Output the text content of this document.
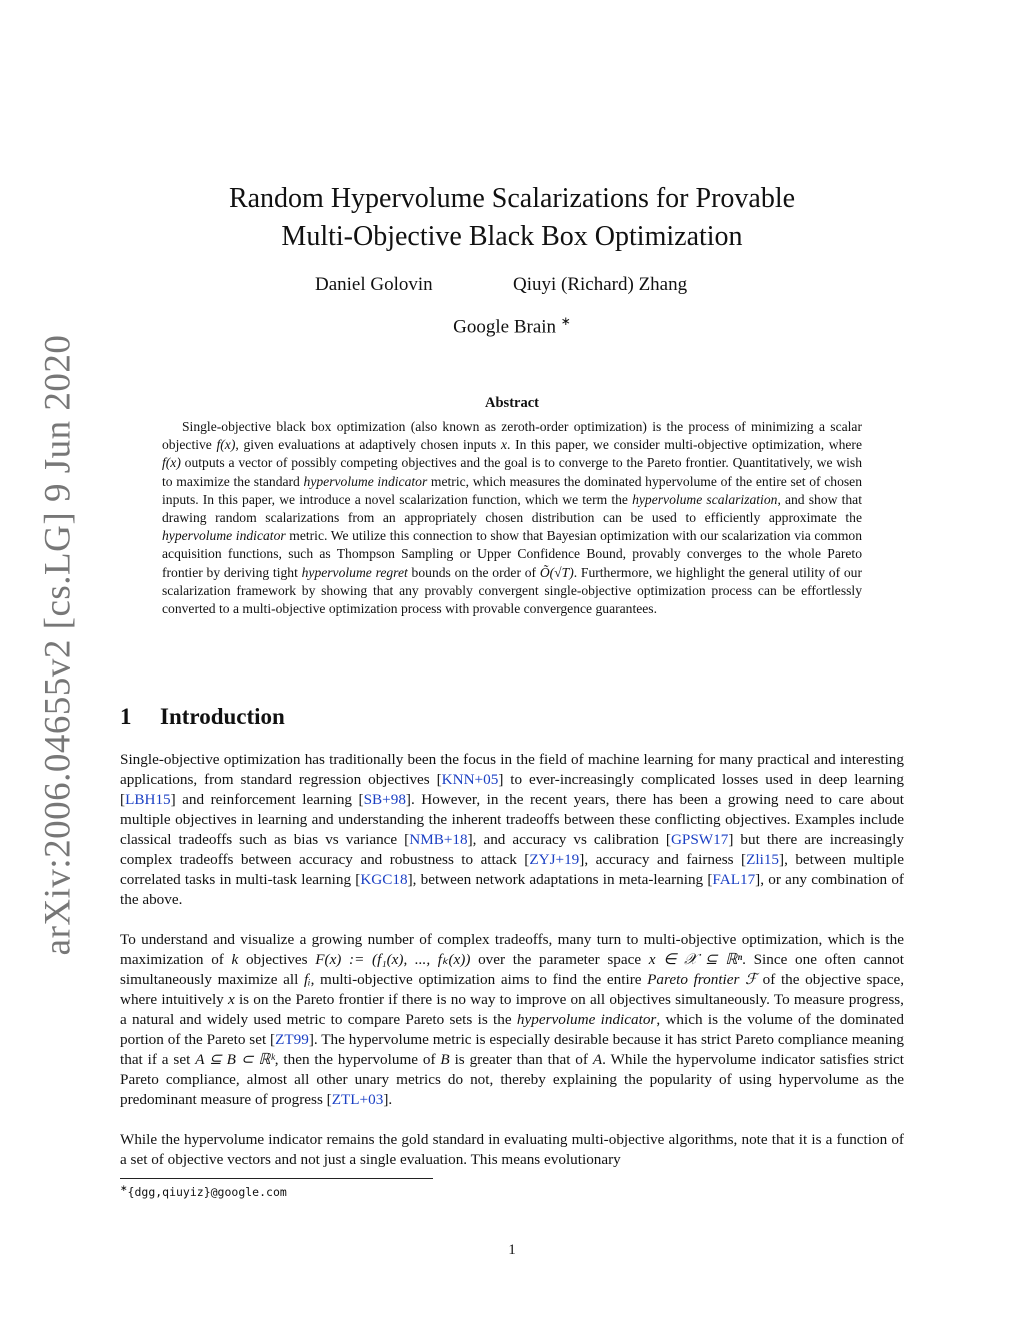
arXiv:2006.04655v2 [cs.LG] 9 Jun 2020
Random Hypervolume Scalarizations for Provable
Multi-Objective Black Box Optimization
Daniel Golovin	Qiuyi (Richard) Zhang
Google Brain ∗
Abstract

Single-objective black box optimization (also known as zeroth-order optimization) is the process of minimizing a scalar objective f(x), given evaluations at adaptively chosen inputs x. In this paper, we consider multi-objective optimization, where f(x) outputs a vector of possibly competing objectives and the goal is to converge to the Pareto frontier. Quantitatively, we wish to maximize the standard hypervolume indicator metric, which measures the dominated hypervolume of the entire set of chosen inputs. In this paper, we introduce a novel scalarization function, which we term the hypervolume scalarization, and show that drawing random scalarizations from an appropriately chosen distribution can be used to efficiently approximate the hypervolume indicator metric. We utilize this connection to show that Bayesian optimization with our scalarization via common acquisition functions, such as Thompson Sampling or Upper Confidence Bound, provably converges to the whole Pareto frontier by deriving tight hypervolume regret bounds on the order of Õ(√T). Furthermore, we highlight the general utility of our scalarization framework by showing that any provably convergent single-objective optimization process can be effortlessly converted to a multi-objective optimization process with provable convergence guarantees.

1 Introduction

Single-objective optimization has traditionally been the focus in the field of machine learning for many practical and interesting applications, from standard regression objectives [KNN+05] to ever-increasingly complicated losses used in deep learning [LBH15] and reinforcement learning [SB+98]. However, in the recent years, there has been a growing need to care about multiple objectives in learning and understanding the inherent tradeoffs between these conflicting objectives. Examples include classical tradeoffs such as bias vs variance [NMB+18], and accuracy vs calibration [GPSW17] but there are increasingly complex tradeoffs between accuracy and robustness to attack [ZYJ+19], accuracy and fairness [Zli15], between multiple correlated tasks in multi-task learning [KGC18], between network adaptations in meta-learning [FAL17], or any combination of the above.

To understand and visualize a growing number of complex tradeoffs, many turn to multi-objective optimization, which is the maximization of k objectives F(x) := (f₁(x), ..., fₖ(x)) over the parameter space x ∈ 𝒳 ⊆ ℝⁿ. Since one often cannot simultaneously maximize all fᵢ, multi-objective optimization aims to find the entire Pareto frontier ℱ of the objective space, where intuitively x is on the Pareto frontier if there is no way to improve on all objectives simultaneously. To measure progress, a natural and widely used metric to compare Pareto sets is the hypervolume indicator, which is the volume of the dominated portion of the Pareto set [ZT99]. The hypervolume metric is especially desirable because it has strict Pareto compliance meaning that if a set A ⊆ B ⊂ ℝᵏ, then the hypervolume of B is greater than that of A. While the hypervolume indicator satisfies strict Pareto compliance, almost all other unary metrics do not, thereby explaining the popularity of using hypervolume as the predominant measure of progress [ZTL+03].

While the hypervolume indicator remains the gold standard in evaluating multi-objective algorithms, note that it is a function of a set of objective vectors and not just a single evaluation. This means evolutionary

∗{dgg,qiuyiz}@google.com
1
